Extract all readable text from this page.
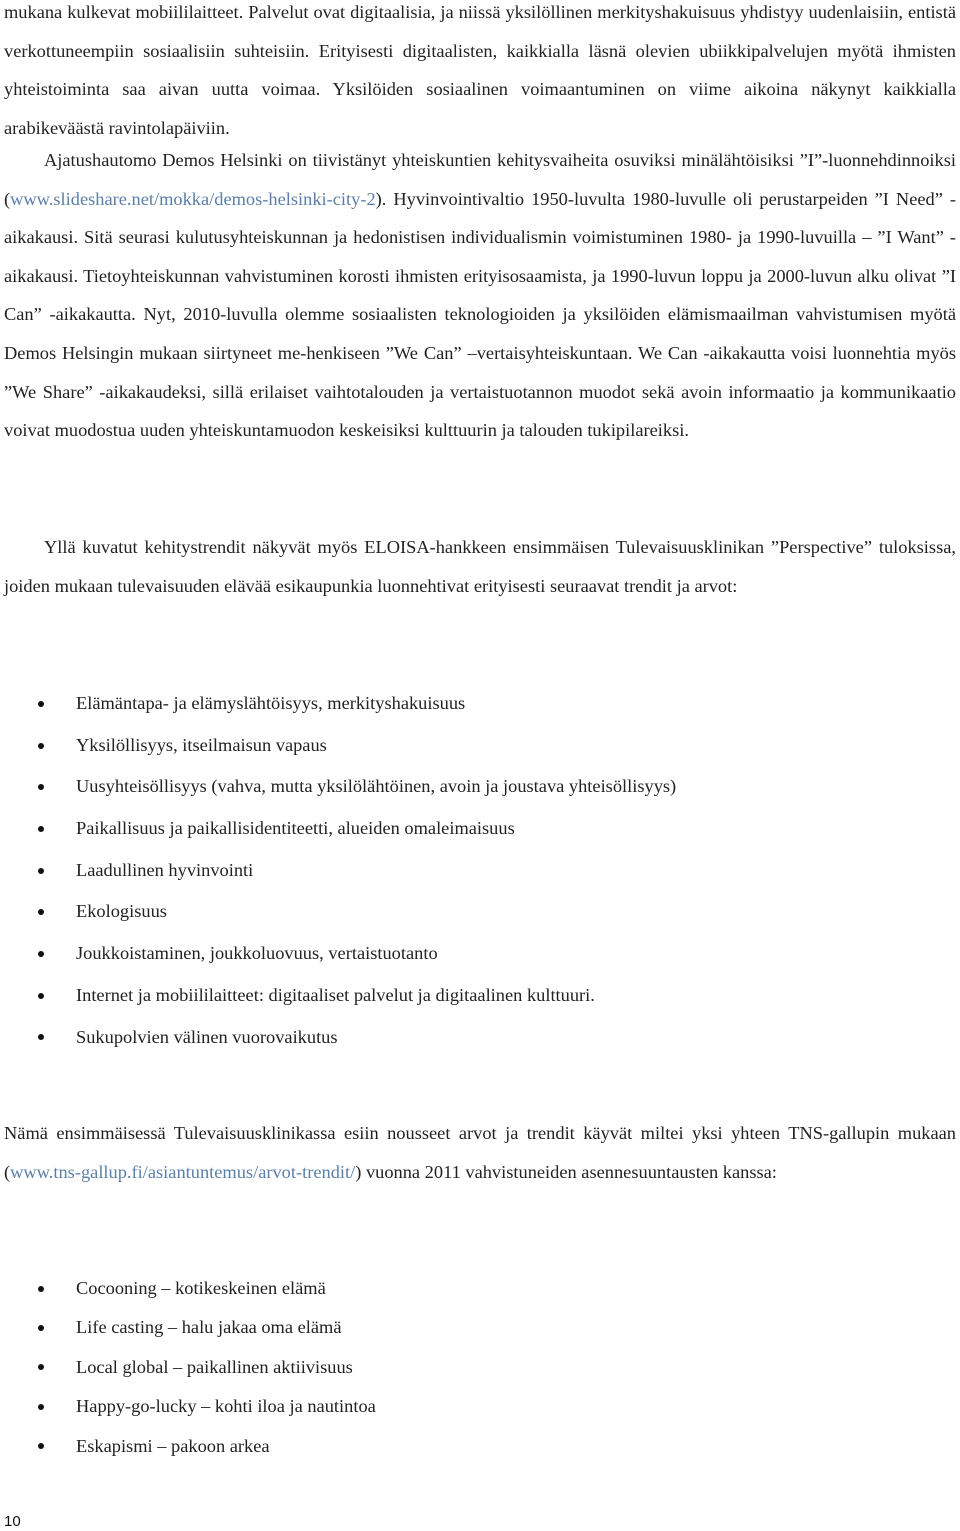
mukana kulkevat mobiililaitteet. Palvelut ovat digitaalisia, ja niissä yksilöllinen merkityshakuisuus yhdistyy uudenlaisiin, entistä verkottuneempiin sosiaalisiin suhteisiin. Erityisesti digitaalisten, kaikkialla läsnä olevien ubiikkipalvelujen myötä ihmisten yhteistoiminta saa aivan uutta voimaa. Yksilöiden sosiaalinen voimaantuminen on viime aikoina näkynyt kaikkialla arabikeväästä ravintolapäiviin.

Ajatushautomo Demos Helsinki on tiivistänyt yhteiskuntien kehitysvaiheita osuviksi minälähtöisiksi ”I”-luonnehdinnoiksi (www.slideshare.net/mokka/demos-helsinki-city-2). Hyvinvointivaltio 1950-luvulta 1980-luvulle oli perustarpeiden ”I Need” -aikakausi. Sitä seurasi kulutusyhteiskunnan ja hedonistisen individualismin voimistuminen 1980- ja 1990-luvuilla – ”I Want” -aikakausi. Tietoyhteiskunnan vahvistuminen korosti ihmisten erityisosaamista, ja 1990-luvun loppu ja 2000-luvun alku olivat ”I Can” -aikakautta. Nyt, 2010-luvulla olemme sosiaalisten teknologioiden ja yksilöiden elämismaailman vahvistumisen myötä Demos Helsingin mukaan siirtyneet me-henkiseen ”We Can” –vertaisyhteiskuntaan. We Can -aikakautta voisi luonnehtia myös ”We Share” -aikakaudeksi, sillä erilaiset vaihtotalouden ja vertaistuotannon muodot sekä avoin informaatio ja kommunikaatio voivat muodostua uuden yhteiskuntamuodon keskeisiksi kulttuurin ja talouden tukipilareiksi.

Yllä kuvatut kehitystrendit näkyvät myös ELOISA-hankkeen ensimmäisen Tulevaisuusklinikan ”Perspective” tuloksissa, joiden mukaan tulevaisuuden elävää esikaupunkia luonnehtivat erityisesti seuraavat trendit ja arvot:

Elämäntapa- ja elämyslähtöisyys, merkityshakuisuus
Yksilöllisyys, itseilmaisun vapaus
Uusyhteisöllisyys (vahva, mutta yksilölähtöinen, avoin ja joustava yhteisöllisyys)
Paikallisuus ja paikallisidentiteetti, alueiden omaleimaisuus
Laadullinen hyvinvointi
Ekologisuus
Joukkoistaminen, joukkoluovuus, vertaistuotanto
Internet ja mobiililaitteet: digitaaliset palvelut ja digitaalinen kulttuuri.
Sukupolvien välinen vuorovaikutus

Nämä ensimmäisessä Tulevaisuusklinikassa esiin nousseet arvot ja trendit käyvät miltei yksi yhteen TNS-gallupin mukaan (www.tns-gallup.fi/asiantuntemus/arvot-trendit/) vuonna 2011 vahvistuneiden asennesuuntausten kanssa:

Cocooning – kotikeskeinen elämä
Life casting – halu jakaa oma elämä
Local global – paikallinen aktiivisuus
Happy-go-lucky – kohti iloa ja nautintoa
Eskapismi – pakoon arkea
10
